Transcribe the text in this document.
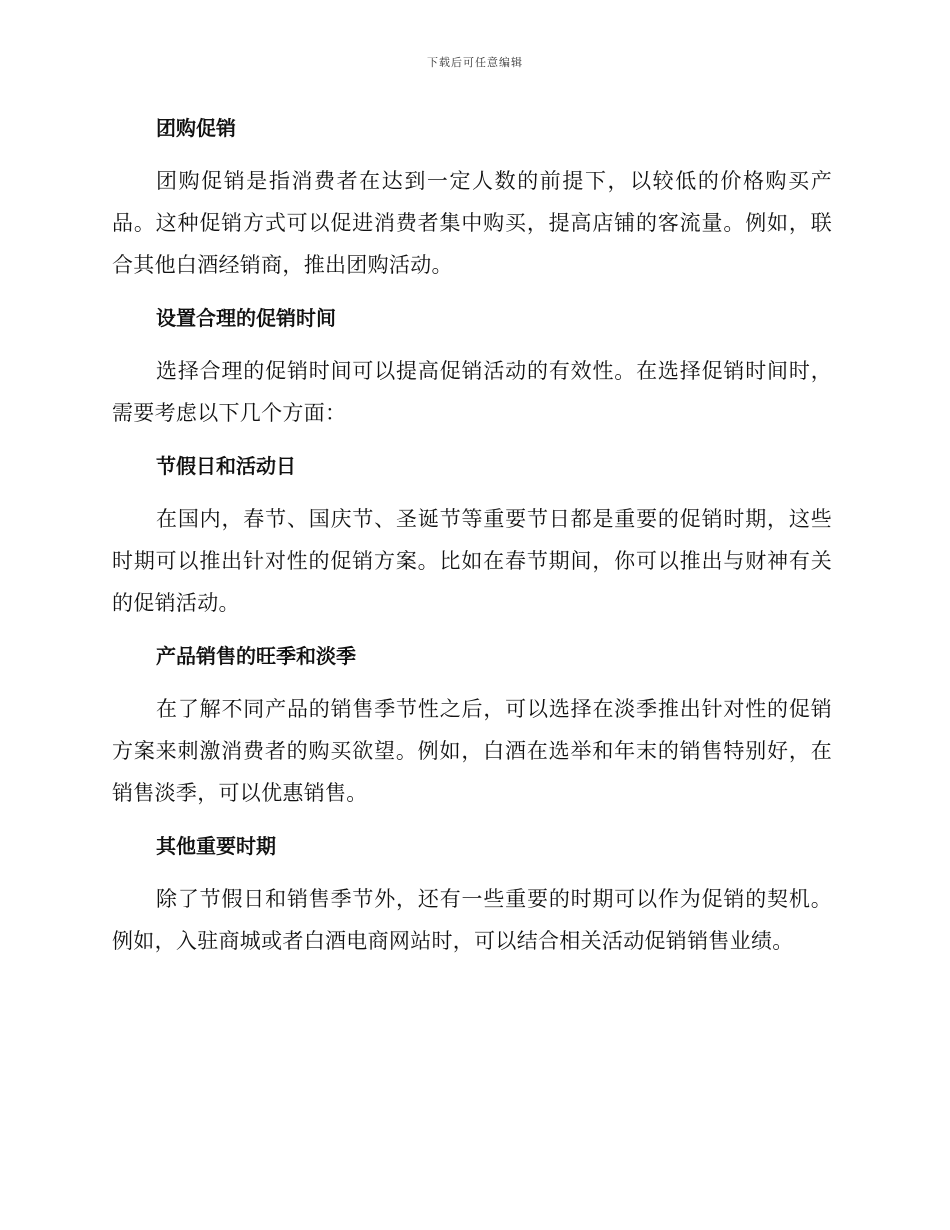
下载后可任意编辑
团购促销

团购促销是指消费者在达到一定人数的前提下，以较低的价格购买产品。这种促销方式可以促进消费者集中购买，提高店铺的客流量。例如，联合其他白酒经销商，推出团购活动。

设置合理的促销时间

选择合理的促销时间可以提高促销活动的有效性。在选择促销时间时，需要考虑以下几个方面：

节假日和活动日

在国内，春节、国庆节、圣诞节等重要节日都是重要的促销时期，这些时期可以推出针对性的促销方案。比如在春节期间，你可以推出与财神有关的促销活动。

产品销售的旺季和淡季

在了解不同产品的销售季节性之后，可以选择在淡季推出针对性的促销方案来刺激消费者的购买欲望。例如，白酒在选举和年末的销售特别好，在销售淡季，可以优惠销售。

其他重要时期

除了节假日和销售季节外，还有一些重要的时期可以作为促销的契机。例如，入驻商城或者白酒电商网站时，可以结合相关活动促销销售业绩。
